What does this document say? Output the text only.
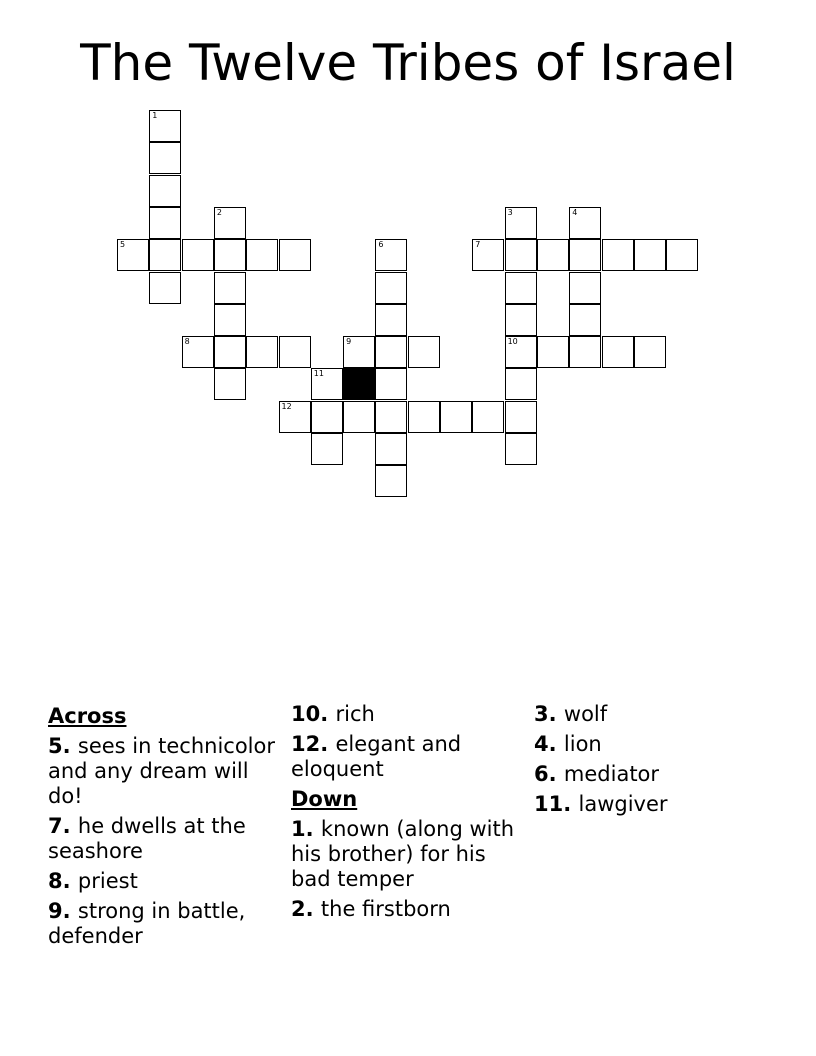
The Twelve Tribes of Israel
1
2
5	6
3
10
4
7
8	9
11
12
Across
5. sees in technicolor and any dream will do!
7. he dwells at the seashore
8. priest
9. strong in battle, defender
10. rich
12. elegant and eloquent
Down
1. known (along with his brother) for his bad temper
2. the firstborn
3. wolf
4. lion
6. mediator
11. lawgiver
